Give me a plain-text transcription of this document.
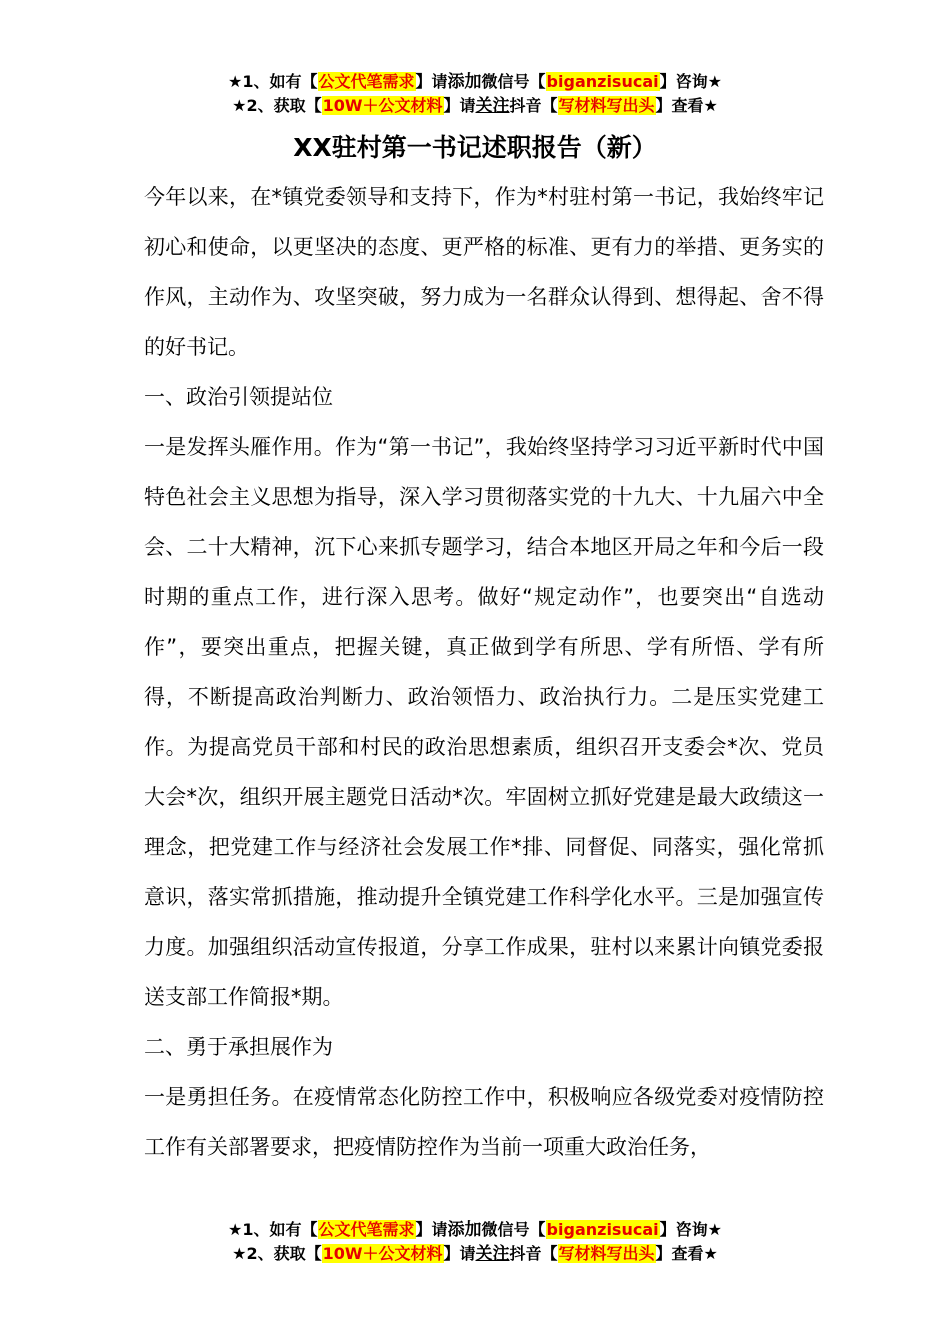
★1、如有【公文代笔需求】请添加微信号【biganzisucai】咨询★
★2、获取【10W＋公文材料】请关注抖音【写材料写出头】查看★
XX驻村第一书记述职报告（新）

今年以来，在*镇党委领导和支持下，作为*村驻村第一书记，我始终牢记初心和使命，以更坚决的态度、更严格的标准、更有力的举措、更务实的作风，主动作为、攻坚突破，努力成为一名群众认得到、想得起、舍不得的好书记。

一、政治引领提站位

一是发挥头雁作用。作为“第一书记”，我始终坚持学习习近平新时代中国特色社会主义思想为指导，深入学习贯彻落实党的十九大、十九届六中全会、二十大精神，沉下心来抓专题学习，结合本地区开局之年和今后一段时期的重点工作，进行深入思考。做好“规定动作”，也要突出“自选动作”，要突出重点，把握关键，真正做到学有所思、学有所悟、学有所得，不断提高政治判断力、政治领悟力、政治执行力。二是压实党建工作。为提高党员干部和村民的政治思想素质，组织召开支委会*次、党员大会*次，组织开展主题党日活动*次。牢固树立抓好党建是最大政绩这一理念，把党建工作与经济社会发展工作*排、同督促、同落实，强化常抓意识，落实常抓措施，推动提升全镇党建工作科学化水平。三是加强宣传力度。加强组织活动宣传报道，分享工作成果，驻村以来累计向镇党委报送支部工作简报*期。

二、勇于承担展作为

一是勇担任务。在疫情常态化防控工作中，积极响应各级党委对疫情防控工作有关部署要求，把疫情防控作为当前一项重大政治任务，

★1、如有【公文代笔需求】请添加微信号【biganzisucai】咨询★
★2、获取【10W＋公文材料】请关注抖音【写材料写出头】查看★
